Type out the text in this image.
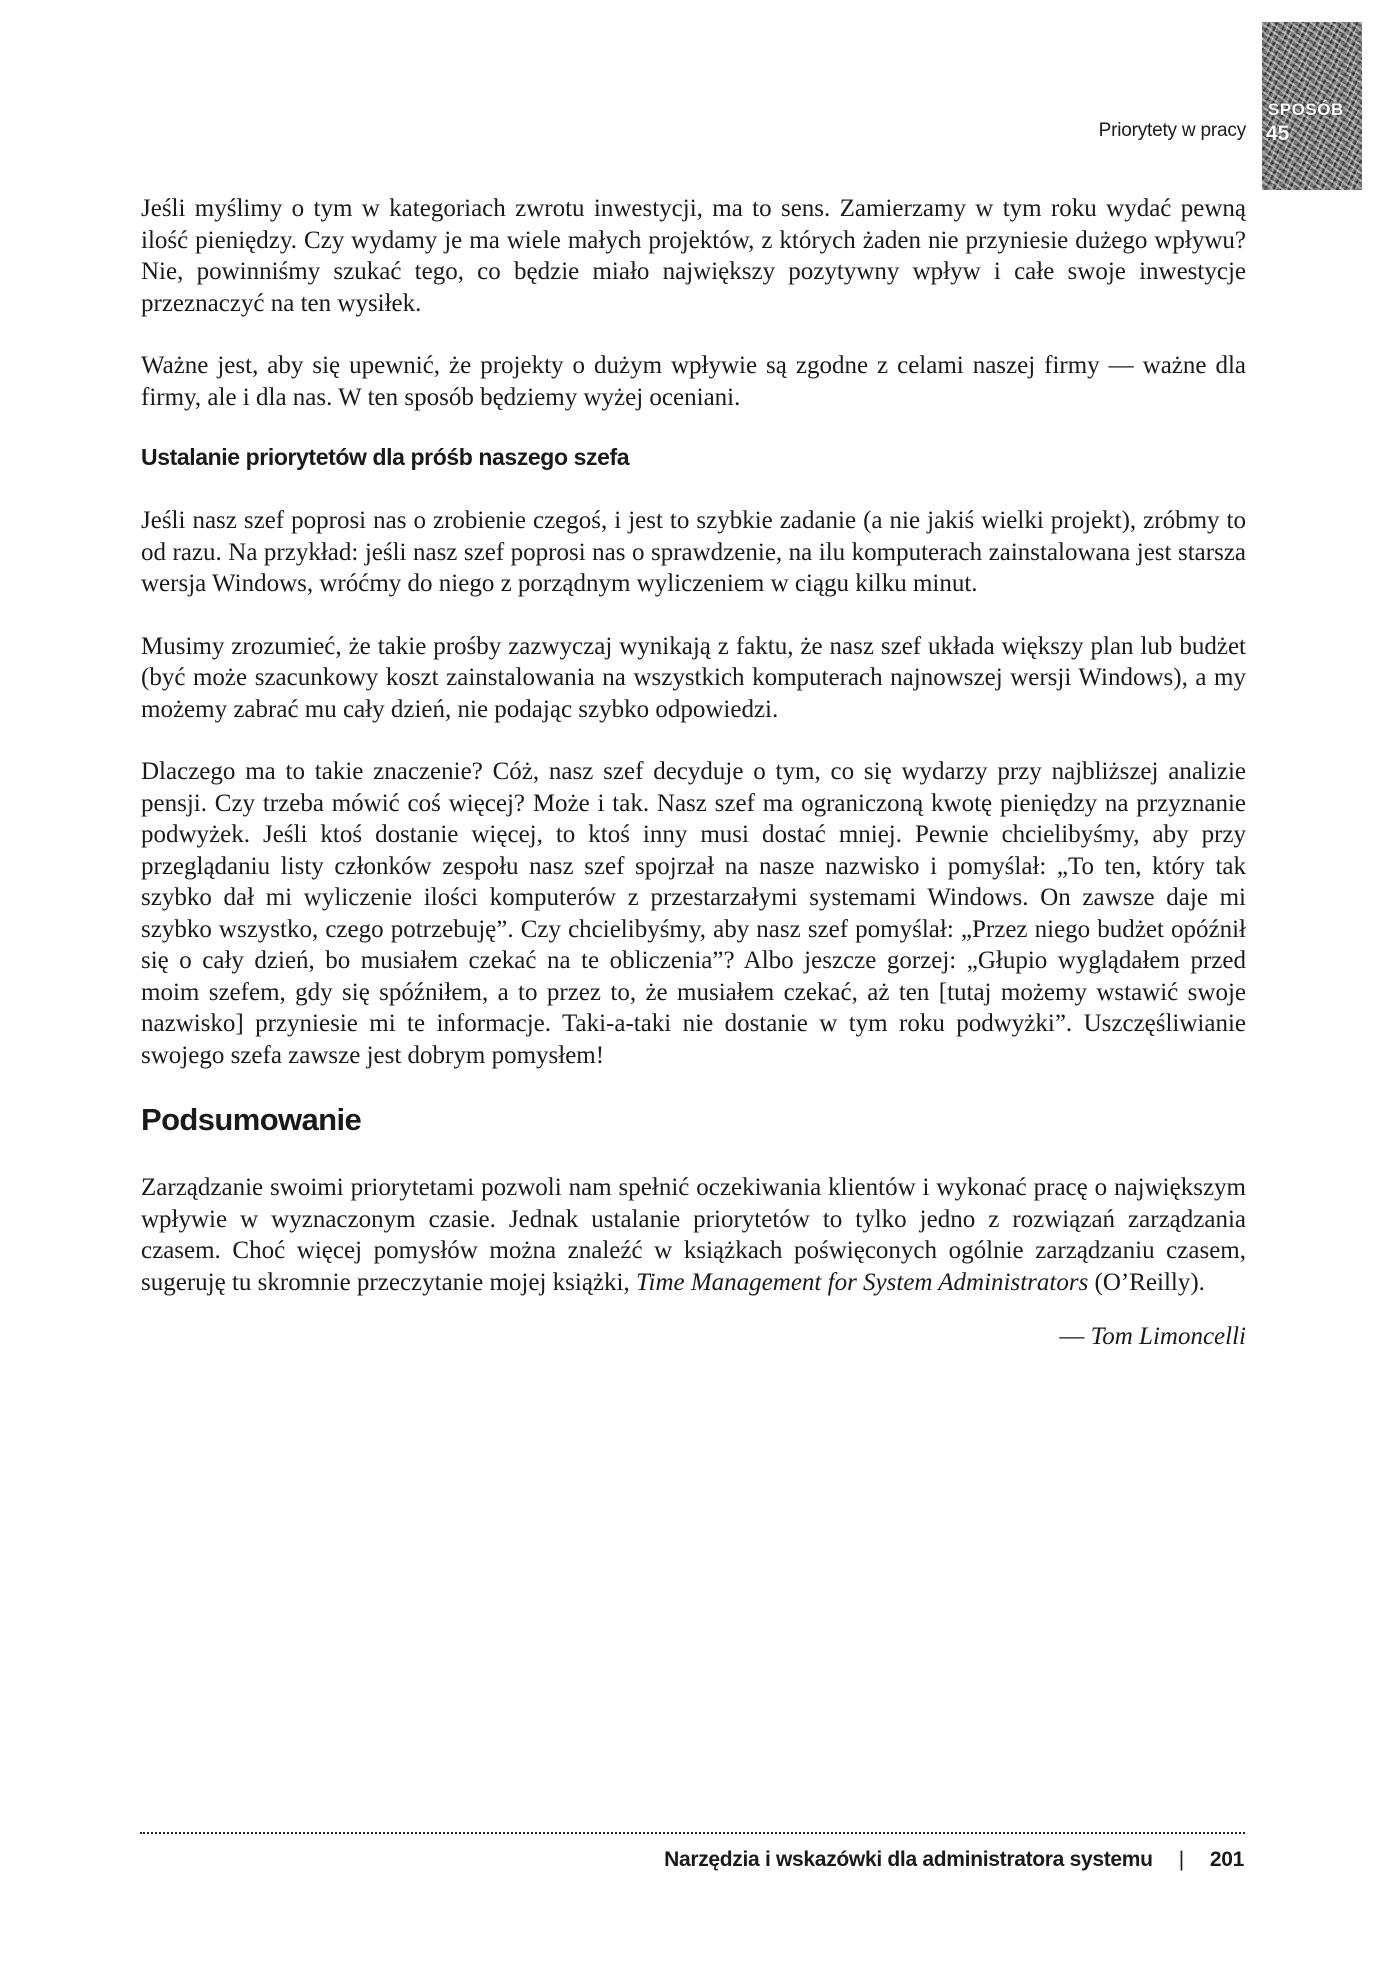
SPOSÓB
45
Priorytety w pracy

Jeśli myślimy o tym w kategoriach zwrotu inwestycji, ma to sens. Zamierzamy w tym roku wydać pewną ilość pieniędzy. Czy wydamy je ma wiele małych projektów, z których żaden nie przyniesie dużego wpływu? Nie, powinniśmy szukać tego, co będzie miało największy pozytywny wpływ i całe swoje inwestycje przeznaczyć na ten wysiłek.

Ważne jest, aby się upewnić, że projekty o dużym wpływie są zgodne z celami naszej firmy — ważne dla firmy, ale i dla nas. W ten sposób będziemy wyżej oceniani.

Ustalanie priorytetów dla próśb naszego szefa

Jeśli nasz szef poprosi nas o zrobienie czegoś, i jest to szybkie zadanie (a nie jakiś wielki projekt), zróbmy to od razu. Na przykład: jeśli nasz szef poprosi nas o sprawdzenie, na ilu komputerach zainstalowana jest starsza wersja Windows, wróćmy do niego z porządnym wyliczeniem w ciągu kilku minut.

Musimy zrozumieć, że takie prośby zazwyczaj wynikają z faktu, że nasz szef układa większy plan lub budżet (być może szacunkowy koszt zainstalowania na wszystkich komputerach najnowszej wersji Windows), a my możemy zabrać mu cały dzień, nie podając szybko odpowiedzi.

Dlaczego ma to takie znaczenie? Cóż, nasz szef decyduje o tym, co się wydarzy przy najbliższej analizie pensji. Czy trzeba mówić coś więcej? Może i tak. Nasz szef ma ograniczoną kwotę pieniędzy na przyznanie podwyżek. Jeśli ktoś dostanie więcej, to ktoś inny musi dostać mniej. Pewnie chcielibyśmy, aby przy przeglądaniu listy członków zespołu nasz szef spojrzał na nasze nazwisko i pomyślał: „To ten, który tak szybko dał mi wyliczenie ilości komputerów z przestarzałymi systemami Windows. On zawsze daje mi szybko wszystko, czego potrzebuję”. Czy chcielibyśmy, aby nasz szef pomyślał: „Przez niego budżet opóźnił się o cały dzień, bo musiałem czekać na te obliczenia”? Albo jeszcze gorzej: „Głupio wyglądałem przed moim szefem, gdy się spóźniłem, a to przez to, że musiałem czekać, aż ten [tutaj możemy wstawić swoje nazwisko] przyniesie mi te informacje. Taki-a-taki nie dostanie w tym roku podwyżki”. Uszczęśliwianie swojego szefa zawsze jest dobrym pomysłem!

Podsumowanie

Zarządzanie swoimi priorytetami pozwoli nam spełnić oczekiwania klientów i wykonać pracę o największym wpływie w wyznaczonym czasie. Jednak ustalanie priorytetów to tylko jedno z rozwiązań zarządzania czasem. Choć więcej pomysłów można znaleźć w książkach poświęconych ogólnie zarządzaniu czasem, sugeruję tu skromnie przeczytanie mojej książki, Time Management for System Administrators (O’Reilly).

— Tom Limoncelli
Narzędzia i wskazówki dla administratora systemu | 201
